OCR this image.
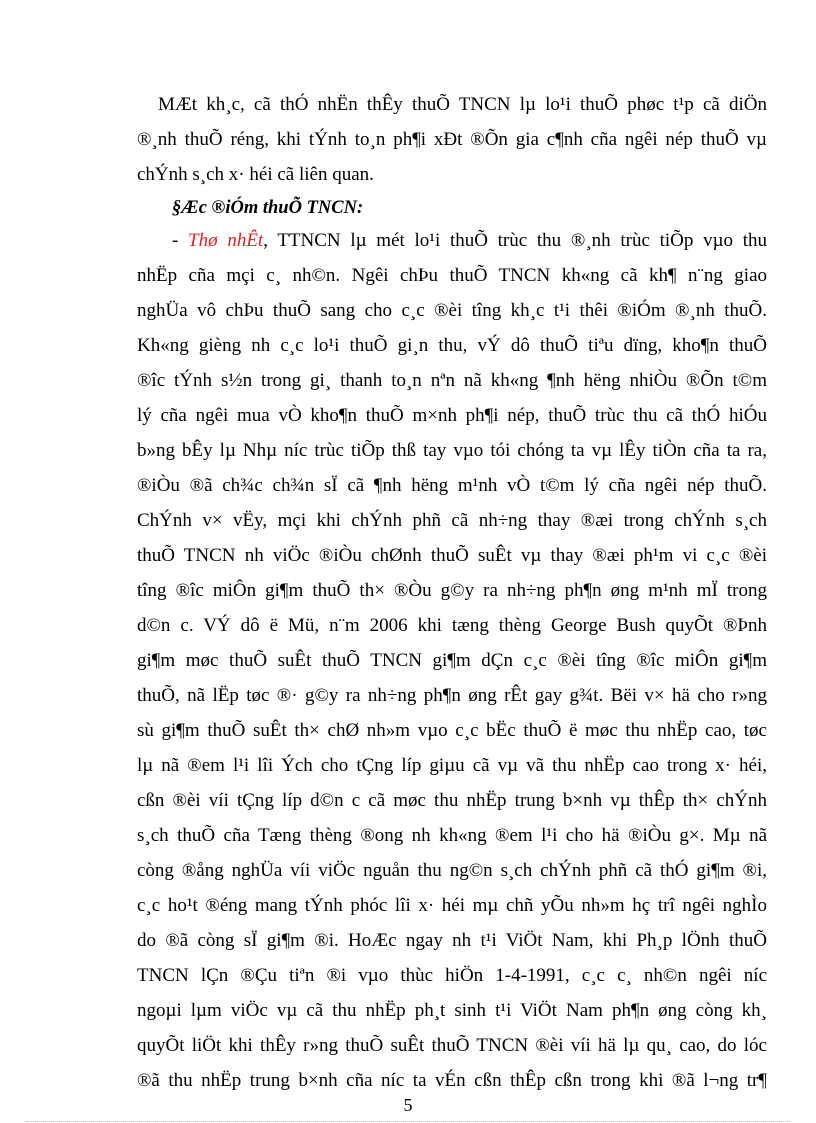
MÆt kh¸c, cã thÓ nhËn thÊy thuÕ TNCN lµ lo¹i thuÕ phøc t¹p cã diÖn
®¸nh thuÕ réng, khi tÝnh to¸n ph¶i xÐt ®Õn gia c¶nh cña ngêi nép thuÕ vµ
chÝnh s¸ch x· héi cã liên quan.
§Æc ®iÓm thuÕ TNCN:
- Thø nhÊt, TTNCN lµ mét lo¹i thuÕ trùc thu ®¸nh trùc tiÕp vµo thu
nhËp cña mçi c¸ nh©n. Ngêi chÞu thuÕ TNCN kh«ng cã kh¶ n¨ng giao
nghÜa vô chÞu thuÕ sang cho c¸c ®èi tîng kh¸c t¹i thêi ®iÓm ®¸nh thuÕ.
Kh«ng gièng nh c¸c lo¹i thuÕ gi¸n thu, vÝ dô thuÕ tiªu dïng, kho¶n thuÕ
®îc tÝnh s½n trong gi¸ thanh to¸n nªn nã kh«ng ¶nh hëng nhiÒu ®Õn t©m
lý cña ngêi mua vÒ kho¶n thuÕ m×nh ph¶i nép, thuÕ trùc thu cã thÓ hiÓu
b»ng bÊy lµ Nhµ níc trùc tiÕp thß tay vµo tói chóng ta vµ lÊy tiÒn cña ta ra,
®iÒu ®ã ch¾c ch¾n sÏ cã ¶nh hëng m¹nh vÒ t©m lý cña ngêi nép thuÕ.
ChÝnh v× vËy, mçi khi chÝnh phñ cã nh÷ng thay ®æi trong chÝnh s¸ch
thuÕ TNCN nh viÖc ®iÒu chØnh thuÕ suÊt vµ thay ®æi ph¹m vi c¸c ®èi
tîng ®îc miÔn gi¶m thuÕ th× ®Òu g©y ra nh÷ng ph¶n øng m¹nh mÏ trong
d©n c. VÝ dô ë Mü, n¨m 2006 khi tæng thèng George Bush quyÕt ®Þnh
gi¶m møc thuÕ suÊt thuÕ TNCN gi¶m dÇn c¸c ®èi tîng ®îc miÔn gi¶m
thuÕ, nã lËp tøc ®· g©y ra nh÷ng ph¶n øng rÊt gay g¾t. Bëi v× hä cho r»ng
sù gi¶m thuÕ suÊt th× chØ nh»m vµo c¸c bËc thuÕ ë møc thu nhËp cao, tøc
lµ nã ®em l¹i lîi Ých cho tÇng líp giµu cã vµ vã thu nhËp cao trong x· héi,
cßn ®èi víi tÇng líp d©n c cã møc thu nhËp trung b×nh vµ thÊp th× chÝnh
s¸ch thuÕ cña Tæng thèng ®ong nh kh«ng ®em l¹i cho hä ®iÒu g×. Mµ nã
còng ®ång nghÜa víi viÖc nguån thu ng©n s¸ch chÝnh phñ cã thÓ gi¶m ®i,
c¸c ho¹t ®éng mang tÝnh phóc lîi x· héi mµ chñ yÕu nh»m hç trî ngêi nghÌo
do ®ã còng sÏ gi¶m ®i. HoÆc ngay nh t¹i ViÖt Nam, khi Ph¸p lÖnh thuÕ
TNCN lÇn ®Çu tiªn ®i vµo thùc hiÖn 1-4-1991, c¸c c¸ nh©n ngêi níc
ngoµi lµm viÖc vµ cã thu nhËp ph¸t sinh t¹i ViÖt Nam ph¶n øng còng kh¸
quyÕt liÖt khi thÊy r»ng thuÕ suÊt thuÕ TNCN ®èi víi hä lµ qu¸ cao, do lóc
®ã thu nhËp trung b×nh cña níc ta vÉn cßn thÊp cßn trong khi ®ã l¬ng tr¶
5
